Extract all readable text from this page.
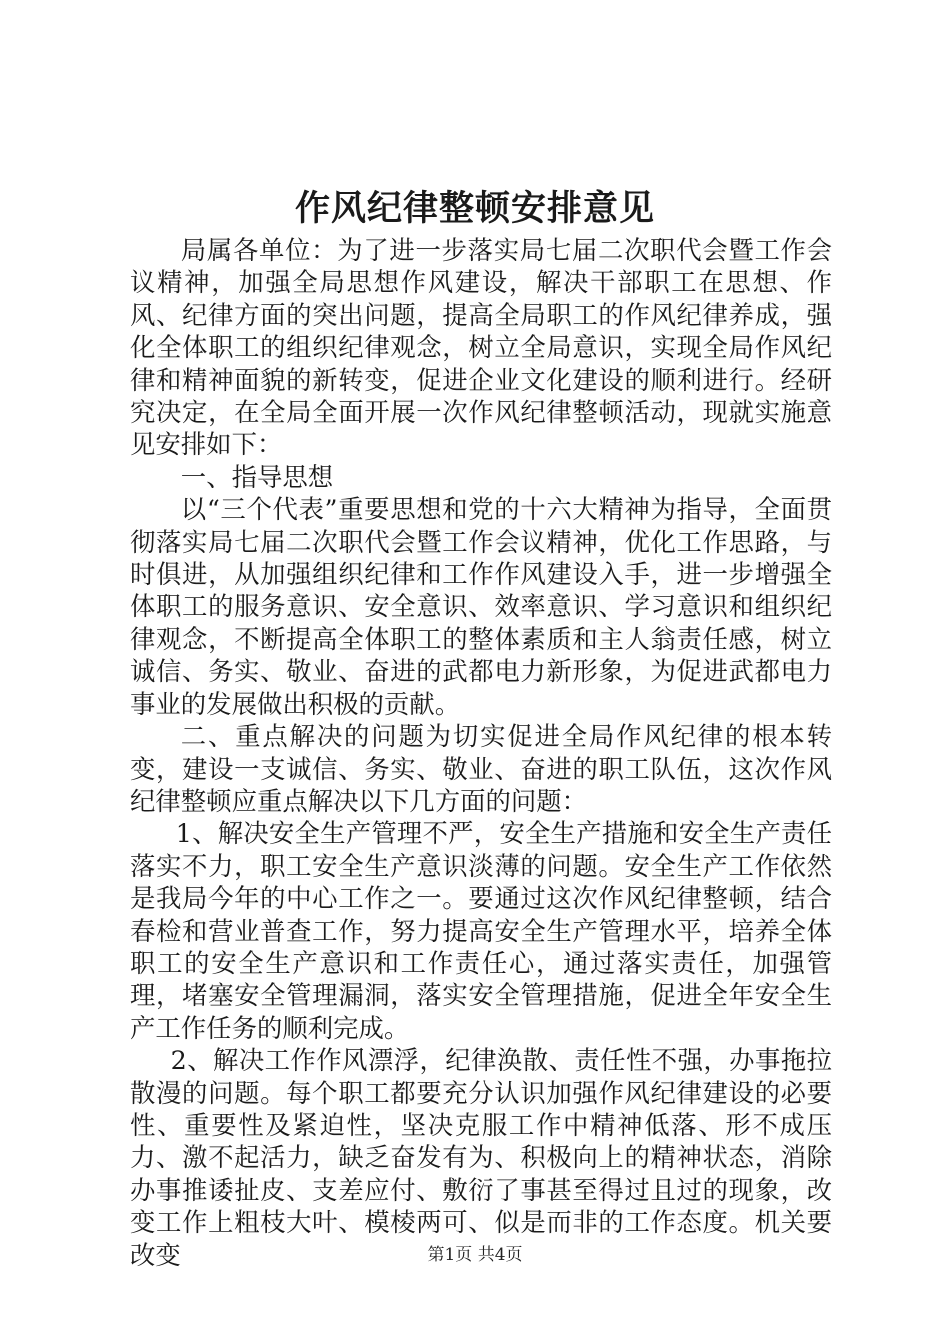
作风纪律整顿安排意见

局属各单位：为了进一步落实局七届二次职代会暨工作会议精神，加强全局思想作风建设，解决干部职工在思想、作风、纪律方面的突出问题，提高全局职工的作风纪律养成，强化全体职工的组织纪律观念，树立全局意识，实现全局作风纪律和精神面貌的新转变，促进企业文化建设的顺利进行。经研究决定，在全局全面开展一次作风纪律整顿活动，现就实施意见安排如下：

一、指导思想

以“三个代表”重要思想和党的十六大精神为指导，全面贯彻落实局七届二次职代会暨工作会议精神，优化工作思路，与时俱进，从加强组织纪律和工作作风建设入手，进一步增强全体职工的服务意识、安全意识、效率意识、学习意识和组织纪律观念，不断提高全体职工的整体素质和主人翁责任感，树立诚信、务实、敬业、奋进的武都电力新形象，为促进武都电力事业的发展做出积极的贡献。

二、重点解决的问题为切实促进全局作风纪律的根本转变，建设一支诚信、务实、敬业、奋进的职工队伍，这次作风纪律整顿应重点解决以下几方面的问题：

1、解决安全生产管理不严，安全生产措施和安全生产责任落实不力，职工安全生产意识淡薄的问题。安全生产工作依然是我局今年的中心工作之一。要通过这次作风纪律整顿，结合春检和营业普查工作，努力提高安全生产管理水平，培养全体职工的安全生产意识和工作责任心，通过落实责任，加强管理，堵塞安全管理漏洞，落实安全管理措施，促进全年安全生产工作任务的顺利完成。

2、解决工作作风漂浮，纪律涣散、责任性不强，办事拖拉散漫的问题。每个职工都要充分认识加强作风纪律建设的必要性、重要性及紧迫性，坚决克服工作中精神低落、形不成压力、激不起活力，缺乏奋发有为、积极向上的精神状态，消除办事推诿扯皮、支差应付、敷衍了事甚至得过且过的现象，改变工作上粗枝大叶、模棱两可、似是而非的工作态度。机关要改变	第1页 共4页
